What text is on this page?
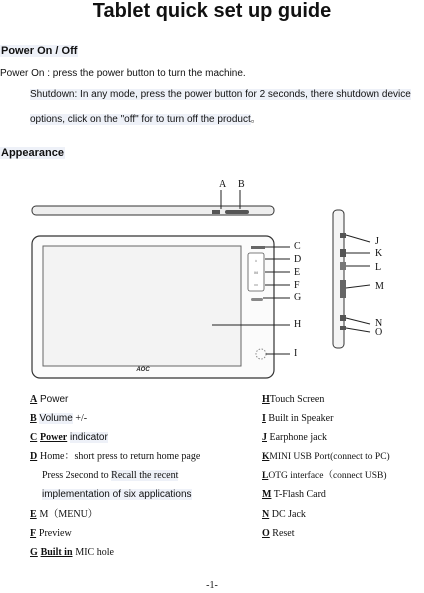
Tablet quick set up guide
Power On / Off
Power On : press the power button to turn the machine.
Shutdown: In any mode, press the power button for 2 seconds, there shutdown device
options, click on the "off" for to turn off the product。
Appearance
⌂
M
▭
AOC
A B
C
D
E
F
G
H
I
J
K
L
M
N
O
A Power
B Volume +/-
C Power indicator
D Home：short press to return home page
Press 2second to Recall the recent
implementation of six applications
E M（MENU）
F Preview
G Built in MIC hole
HTouch Screen
I Built in Speaker
J Earphone jack
KMINI USB Port(connect to PC)
LOTG interface（connect USB)
M T-Flash Card
N DC Jack
O Reset
-1-
